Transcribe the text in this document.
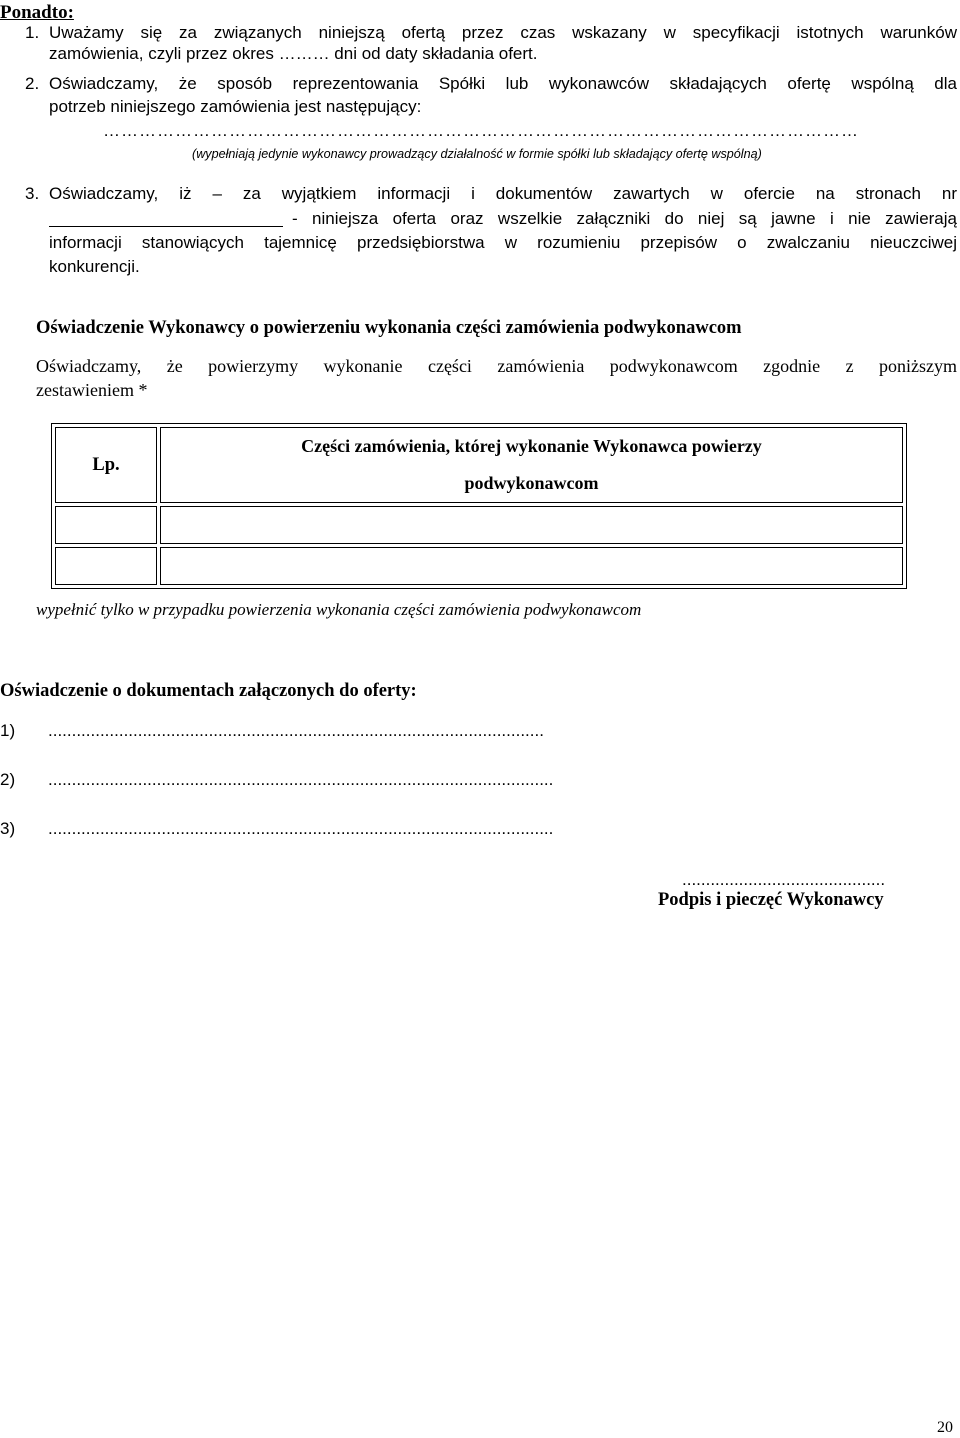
Ponadto:
1. Uważamy się za związanych niniejszą ofertą przez czas wskazany w specyfikacji istotnych warunków
zamówienia, czyli przez okres ……… dni od daty składania ofert.
2. Oświadczamy, że sposób reprezentowania Spółki lub wykonawców składających ofertę wspólną dla
potrzeb niniejszego zamówienia jest następujący:
………………………………………………………………………………………………………………
(wypełniają jedynie wykonawcy prowadzący działalność w formie spółki lub składający ofertę wspólną)
3. Oświadczamy, iż – za wyjątkiem informacji i dokumentów zawartych w ofercie na stronach nr
- niniejsza oferta oraz wszelkie załączniki do niej są jawne i nie zawierają
informacji stanowiących tajemnicę przedsiębiorstwa w rozumieniu przepisów o zwalczaniu nieuczciwej
konkurencji.
Oświadczenie Wykonawcy o powierzeniu wykonania części zamówienia podwykonawcom
Oświadczamy, że powierzymy wykonanie części zamówienia podwykonawcom zgodnie z poniższym
zestawieniem *
Lp.	Części zamówienia, której wykonanie Wykonawca powierzy
podwykonawcom

wypełnić tylko w przypadku powierzenia wykonania części zamówienia podwykonawcom
Oświadczenie o dokumentach załączonych do oferty:
1) .........................................................................................................
2) ...........................................................................................................
3) ...........................................................................................................
...........................................
Podpis i pieczęć Wykonawcy
20
